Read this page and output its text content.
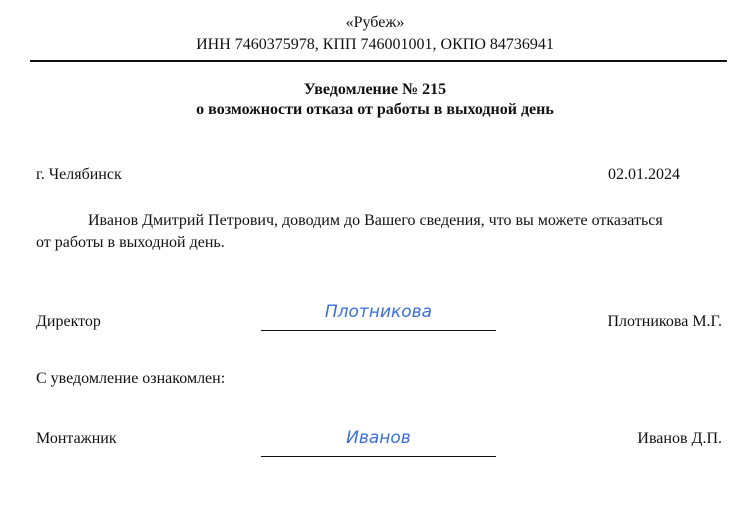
«Рубеж»
ИНН 7460375978, КПП 746001001, ОКПО 84736941
Уведомление № 215
о возможности отказа от работы в выходной день
г. Челябинск	02.01.2024
Иванов Дмитрий Петрович, доводим до Вашего сведения, что вы можете отказаться от работы в выходной день.
Директор	Плотникова	Плотникова М.Г.
С уведомление ознакомлен:
Монтажник	Иванов	Иванов Д.П.
